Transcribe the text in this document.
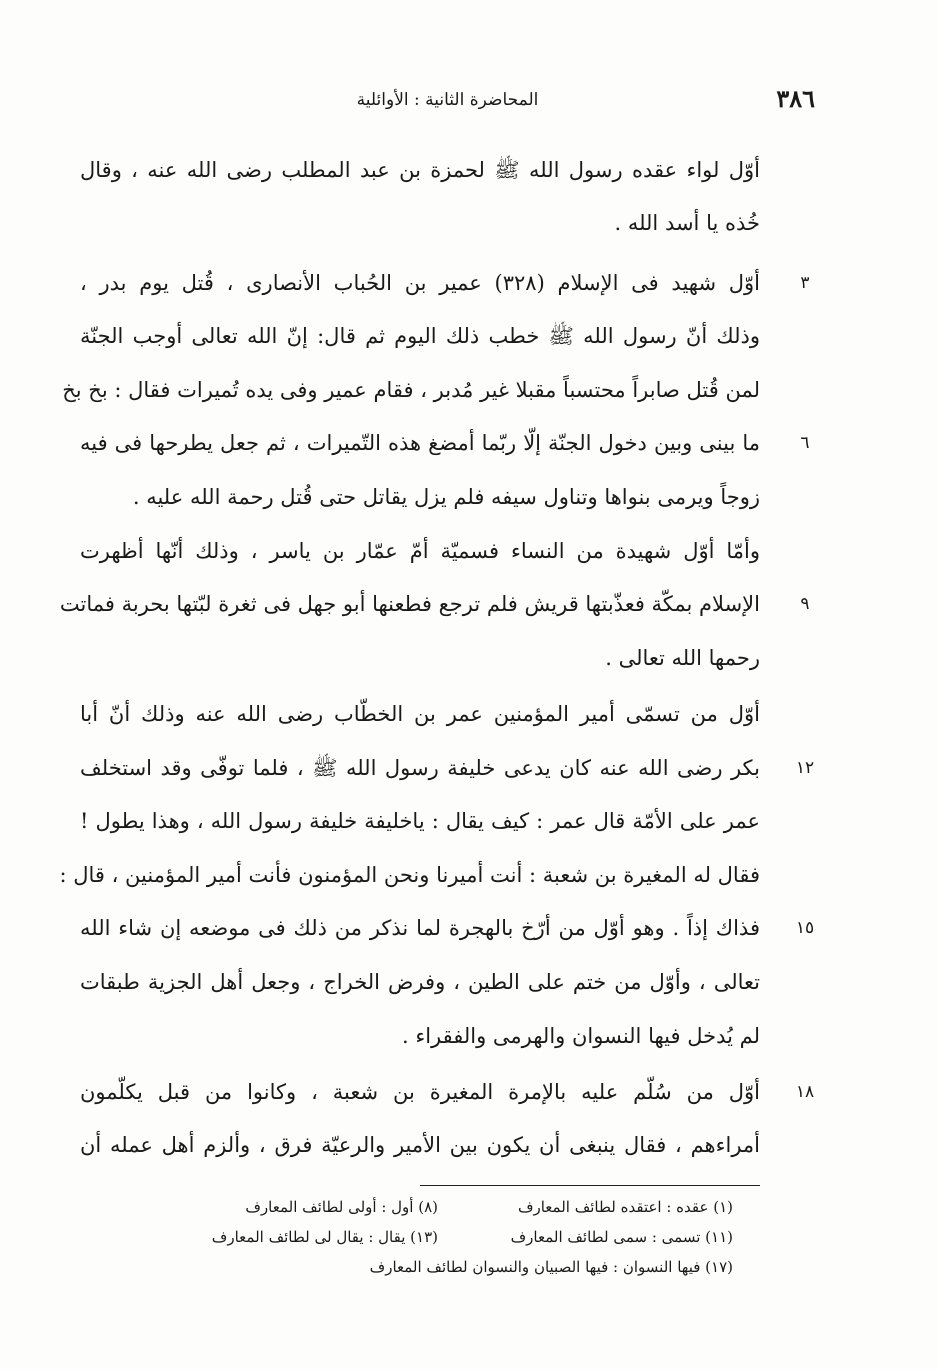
٣٨٦
المحاضرة الثانية : الأوائلية
أوّل لواء عقده رسول الله ﷺ لحمزة بن عبد المطلب رضى الله عنه ، وقال
خُذه يا أسد الله .
أوّل شهيد فى الإسلام (٣٢٨) عمير بن الحُباب الأنصارى ، قُتل يوم بدر ،
وذلك أنّ رسول الله ﷺ خطب ذلك اليوم ثم قال: إنّ الله تعالى أوجب الجنّة
لمن قُتل صابراً محتسباً مقبلا غير مُدبر ، فقام عمير وفى يده تُميرات فقال : بخ بخ
ما بينى وبين دخول الجنّة إلّا ربّما أمضغ هذه التّميرات ، ثم جعل يطرحها فى فيه
زوجاً ويرمى بنواها وتناول سيفه فلم يزل يقاتل حتى قُتل رحمة الله عليه .
وأمّا أوّل شهيدة من النساء فسميّة أمّ عمّار بن ياسر ، وذلك أنّها أظهرت
الإسلام بمكّة فعذّبتها قريش فلم ترجع فطعنها أبو جهل فى ثغرة لبّتها بحربة فماتت
رحمها الله تعالى .
أوّل من تسمّى أمير المؤمنين عمر بن الخطّاب رضى الله عنه وذلك أنّ أبا
بكر رضى الله عنه كان يدعى خليفة رسول الله ﷺ ، فلما توفّى وقد استخلف
عمر على الأمّة قال عمر : كيف يقال : ياخليفة خليفة رسول الله ، وهذا يطول !
فقال له المغيرة بن شعبة : أنت أميرنا ونحن المؤمنون فأنت أمير المؤمنين ، قال :
فذاك إذاً . وهو أوّل من أرّخ بالهجرة لما نذكر من ذلك فى موضعه إن شاء الله
تعالى ، وأوّل من ختم على الطين ، وفرض الخراج ، وجعل أهل الجزية طبقات
لم يُدخل فيها النسوان والهرمى والفقراء .
أوّل من سُلّم عليه بالإمرة المغيرة بن شعبة ، وكانوا من قبل يكلّمون
أمراءهم ، فقال ينبغى أن يكون بين الأمير والرعيّة فرق ، وألزم أهل عمله أن
٣
٦
٩
١٢
١٥
١٨
(١) عقده : اعتقده لطائف المعارف
(٨) أول : أولى لطائف المعارف
(١١) تسمى : سمى لطائف المعارف
(١٣) يقال : يقال لى لطائف المعارف
(١٧) فيها النسوان : فيها الصبيان والنسوان لطائف المعارف
